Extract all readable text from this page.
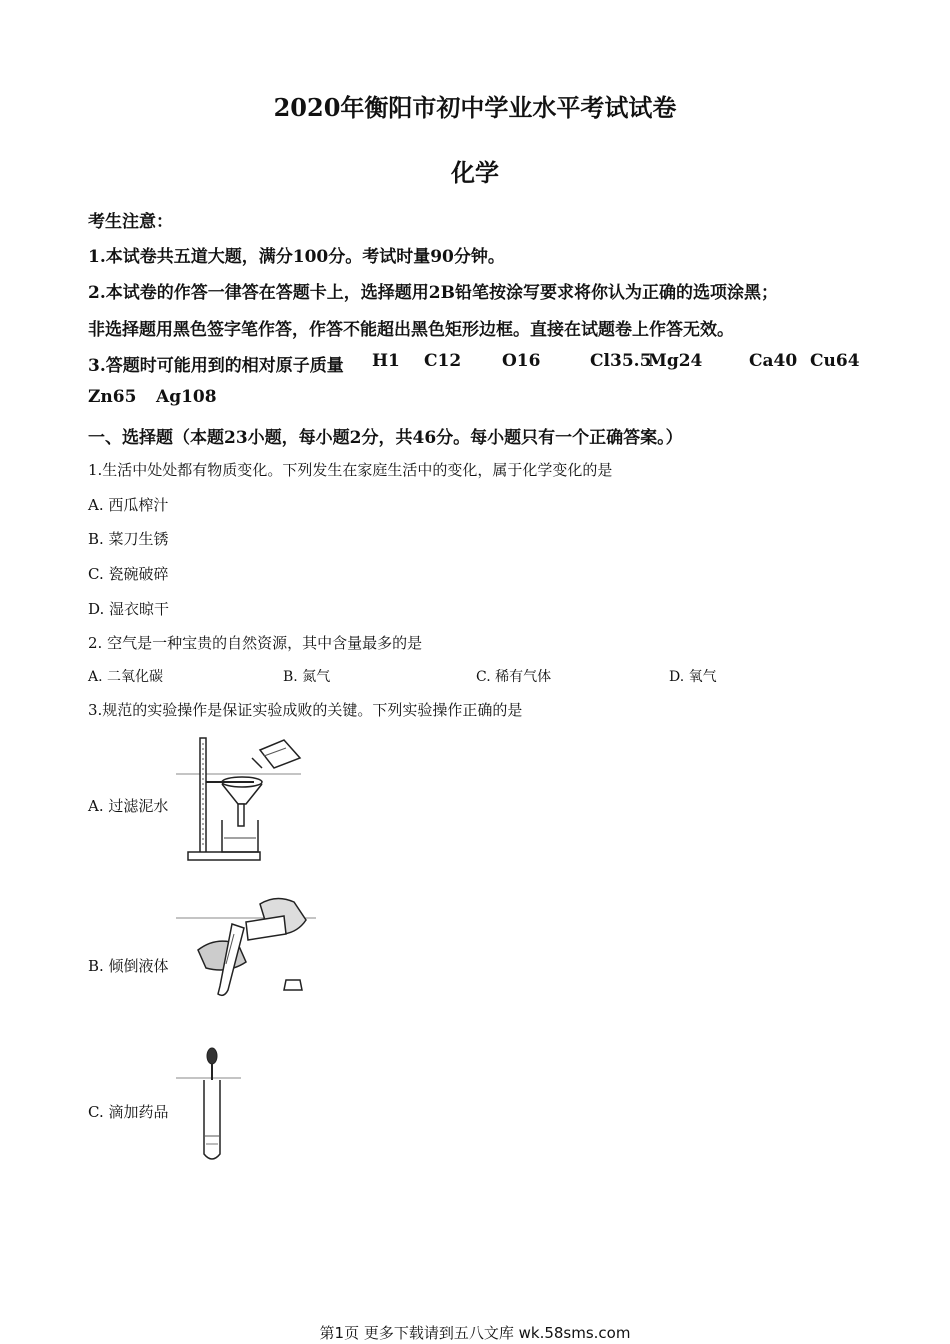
2020年衡阳市初中学业水平考试试卷
化学
考生注意：
1.本试卷共五道大题，满分100分。考试时量90分钟。
2.本试卷的作答一律答在答题卡上，选择题用2B铅笔按涂写要求将你认为正确的选项涂黑；
非选择题用黑色签字笔作答，作答不能超出黑色矩形边框。直接在试题卷上作答无效。
3.答题时可能用到的相对原子质量 H1 C12 O16	Cl35.5
Mg24	Ca40 Cu64
Zn65 Ag108
一、选择题（本题23小题，每小题2分，共46分。每小题只有一个正确答案。）
1.生活中处处都有物质变化。下列发生在家庭生活中的变化，属于化学变化的是
A. 西瓜榨汁
B. 菜刀生锈
C. 瓷碗破碎
D. 湿衣晾干
2. 空气是一种宝贵的自然资源，其中含量最多的是
A. 二氧化碳	B. 氮气	C. 稀有气体	D. 氧气
3.规范的实验操作是保证实验成败的关键。下列实验操作正确的是
A. 过滤泥水
B. 倾倒液体
C. 滴加药品
第1页 更多下载请到五八文库 wk.58sms.com
